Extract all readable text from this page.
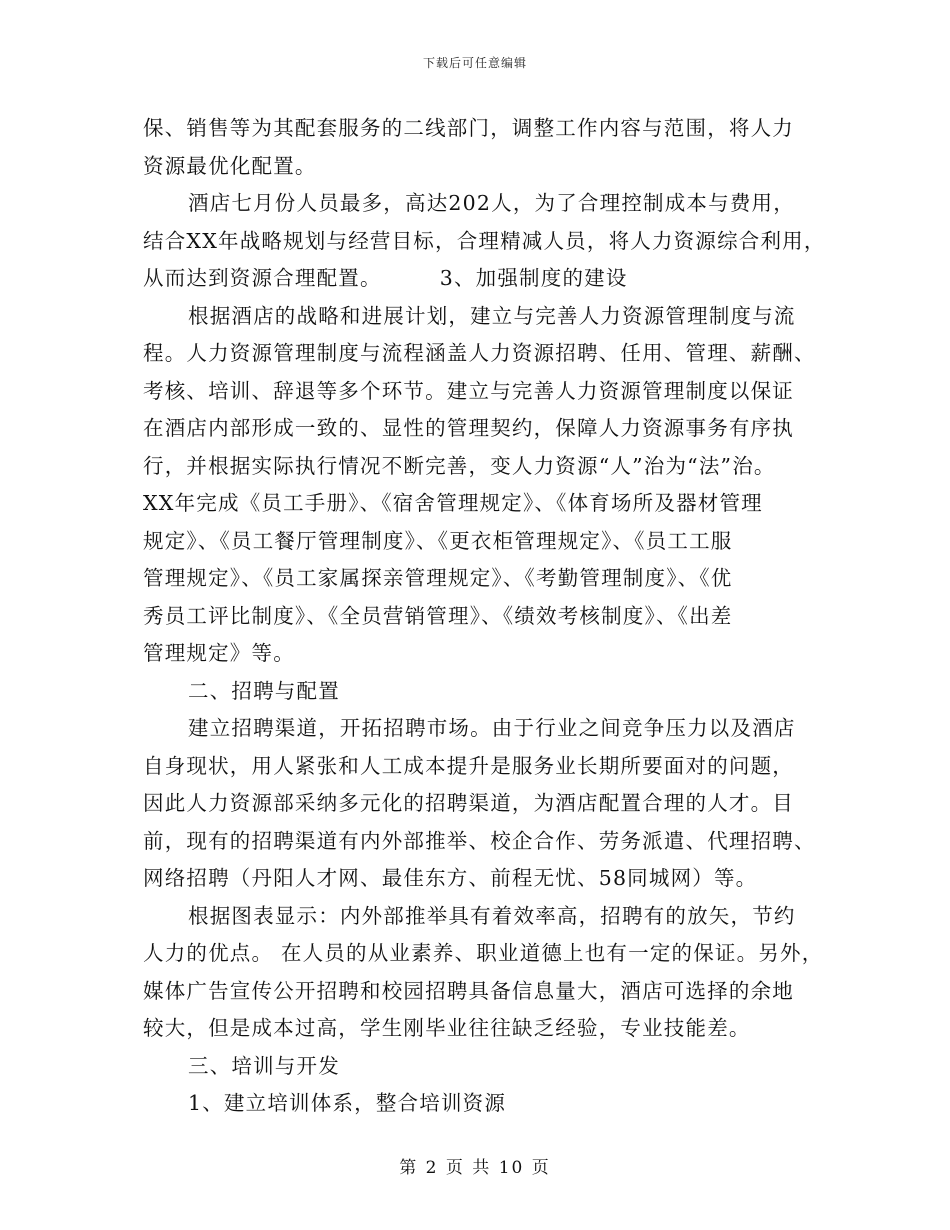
下载后可任意编辑
保、销售等为其配套服务的二线部门，调整工作内容与范围，将人力
资源最优化配置。
酒店七月份人员最多，高达202人，为了合理控制成本与费用，
结合XX年战略规划与经营目标，合理精减人员，将人力资源综合利用，
从而达到资源合理配置。	3、加强制度的建设
根据酒店的战略和进展计划，建立与完善人力资源管理制度与流
程。人力资源管理制度与流程涵盖人力资源招聘、任用、管理、薪酬、
考核、培训、辞退等多个环节。建立与完善人力资源管理制度以保证
在酒店内部形成一致的、显性的管理契约，保障人力资源事务有序执
行，并根据实际执行情况不断完善，变人力资源“人”治为“法”治。
XX年完成《员工手册》、《宿舍管理规定》、《体育场所及器材管理
规定》、《员工餐厅管理制度》、《更衣柜管理规定》、《员工工服
管理规定》、《员工家属探亲管理规定》、《考勤管理制度》、《优
秀员工评比制度》、《全员营销管理》、《绩效考核制度》、《出差
管理规定》等。
二、招聘与配置
建立招聘渠道，开拓招聘市场。由于行业之间竞争压力以及酒店
自身现状，用人紧张和人工成本提升是服务业长期所要面对的问题，
因此人力资源部采纳多元化的招聘渠道，为酒店配置合理的人才。目
前，现有的招聘渠道有内外部推举、校企合作、劳务派遣、代理招聘、
网络招聘（丹阳人才网、最佳东方、前程无忧、58同城网）等。
根据图表显示：内外部推举具有着效率高，招聘有的放矢，节约
人力的优点。 在人员的从业素养、职业道德上也有一定的保证。另外，
媒体广告宣传公开招聘和校园招聘具备信息量大，酒店可选择的余地
较大，但是成本过高，学生刚毕业往往缺乏经验，专业技能差。
三、培训与开发
1、建立培训体系，整合培训资源
第 2 页 共 10 页
